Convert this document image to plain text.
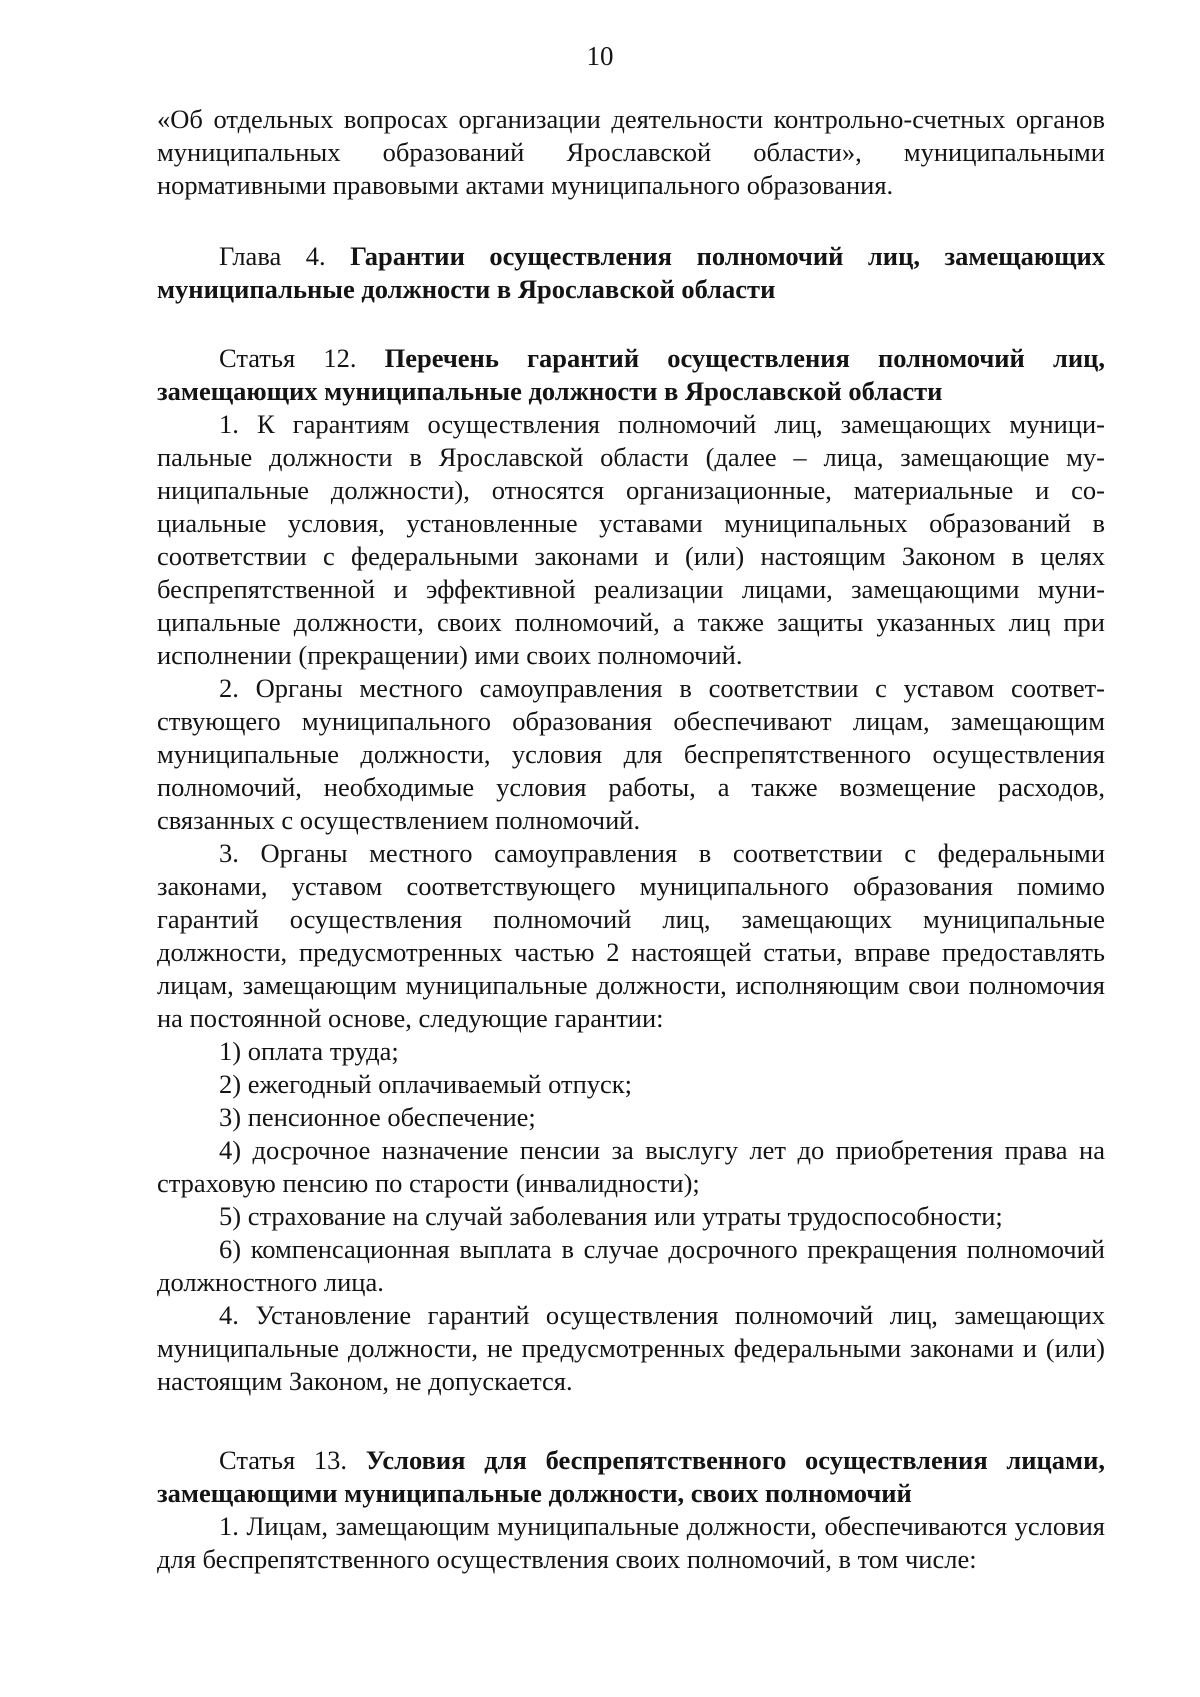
10

«Об отдельных вопросах организации деятельности контрольно-счетных органов муниципальных образований Ярославской области», муниципальными нормативными правовыми актами муниципального образования.

Глава 4. Гарантии осуществления полномочий лиц, замещающих муниципальные должности в Ярославской области

Статья 12. Перечень гарантий осуществления полномочий лиц, замещающих муниципальные должности в Ярославской области

1. К гарантиям осуществления полномочий лиц, замещающих муниципальные должности в Ярославской области (далее – лица, замещающие муниципальные должности), относятся организационные, материальные и социальные условия, установленные уставами муниципальных образований в соответствии с федеральными законами и (или) настоящим Законом в целях беспрепятственной и эффективной реализации лицами, замещающими муниципальные должности, своих полномочий, а также защиты указанных лиц при исполнении (прекращении) ими своих полномочий.

2. Органы местного самоуправления в соответствии с уставом соответствующего муниципального образования обеспечивают лицам, замещающим муниципальные должности, условия для беспрепятственного осуществления полномочий, необходимые условия работы, а также возмещение расходов, связанных с осуществлением полномочий.

3. Органы местного самоуправления в соответствии с федеральными законами, уставом соответствующего муниципального образования помимо гарантий осуществления полномочий лиц, замещающих муниципальные должности, предусмотренных частью 2 настоящей статьи, вправе предоставлять лицам, замещающим муниципальные должности, исполняющим свои полномочия на постоянной основе, следующие гарантии:

1) оплата труда;

2) ежегодный оплачиваемый отпуск;

3) пенсионное обеспечение;

4) досрочное назначение пенсии за выслугу лет до приобретения права на страховую пенсию по старости (инвалидности);

5) страхование на случай заболевания или утраты трудоспособности;

6) компенсационная выплата в случае досрочного прекращения полномочий должностного лица.

4. Установление гарантий осуществления полномочий лиц, замещающих муниципальные должности, не предусмотренных федеральными законами и (или) настоящим Законом, не допускается.

Статья 13. Условия для беспрепятственного осуществления лицами, замещающими муниципальные должности, своих полномочий

1. Лицам, замещающим муниципальные должности, обеспечиваются условия для беспрепятственного осуществления своих полномочий, в том числе:
